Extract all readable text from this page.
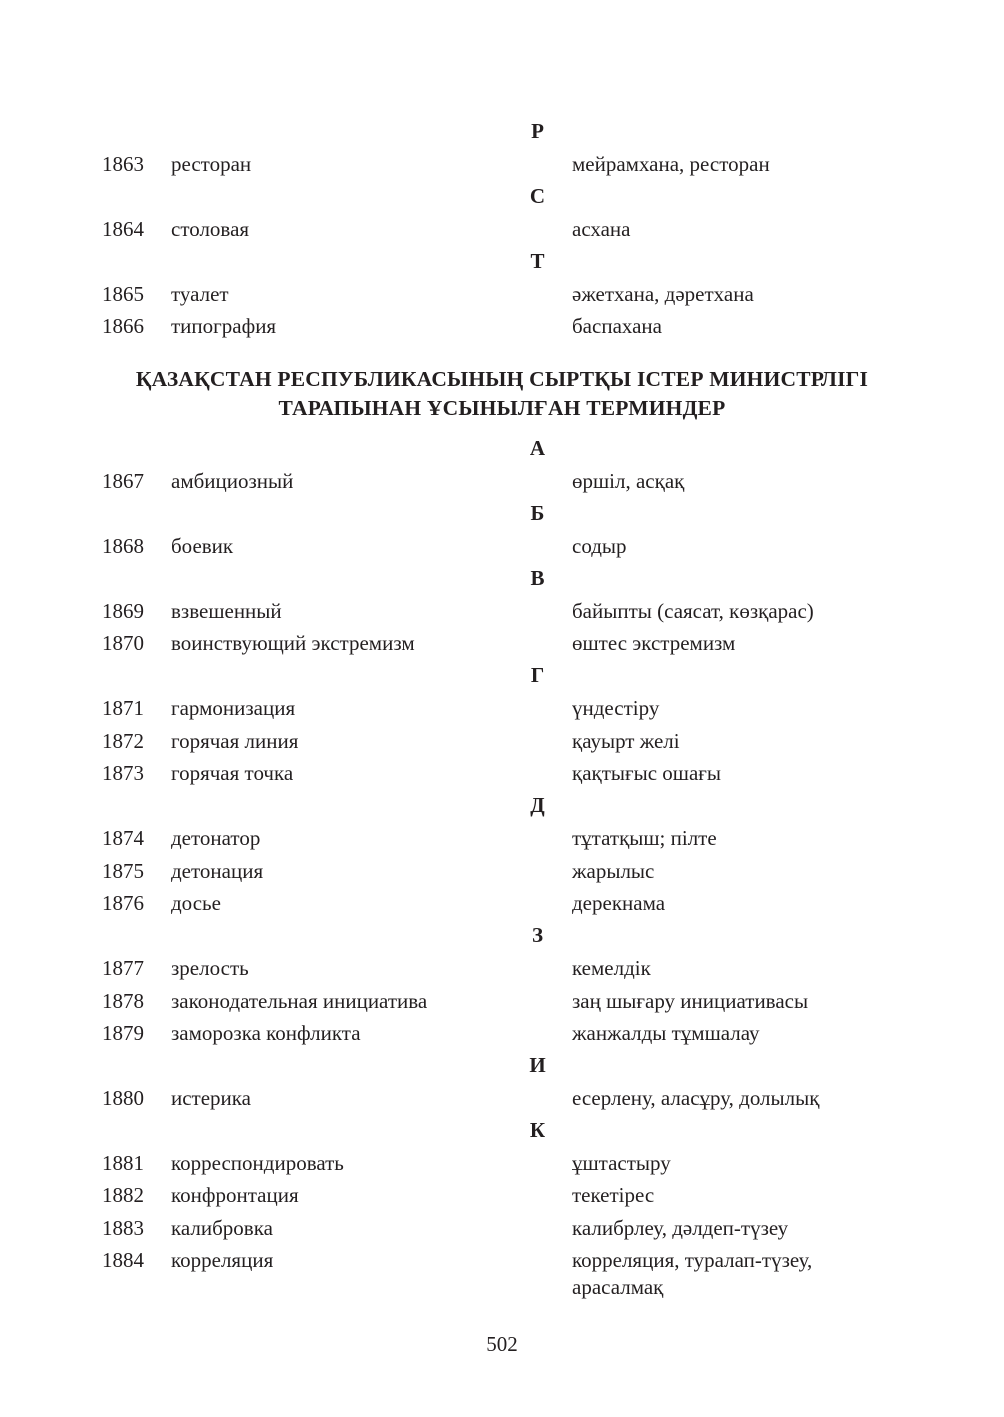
Р
1863 ресторан	мейрамхана, ресторан
С
1864 столовая	асхана
Т
1865 туалет	әжетхана, дәретхана
1866 типография	баспахана
ҚАЗАҚСТАН РЕСПУБЛИКАСЫНЫҢ СЫРТҚЫ ІСТЕР МИНИСТРЛІГІ
ТАРАПЫНАН ҰСЫНЫЛҒАН ТЕРМИНДЕР
А
1867 амбициозный	өршіл, асқақ
Б
1868 боевик	содыр
В
1869 взвешенный	байыпты (саясат, көзқарас)
1870 воинствующий экстремизм	өштес экстремизм
Г
1871 гармонизация	үндестіру
1872 горячая линия	қауырт желі
1873 горячая точка	қақтығыс ошағы
Д
1874 детонатор	тұтатқыш; пілте
1875 детонация	жарылыс
1876 досье	дерекнама
З
1877 зрелость	кемелдік
1878 законодательная инициатива	заң шығару инициативасы
1879 заморозка конфликта	жанжалды тұмшалау
И
1880 истерика	есерлену, аласұру, долылық
К
1881 корреспондировать	ұштастыру
1882 конфронтация	текетірес
1883 калибровка	калибрлеу, дәлдеп-түзеу
1884 корреляция	корреляция, туралап-түзеу,
арасалмақ
502
